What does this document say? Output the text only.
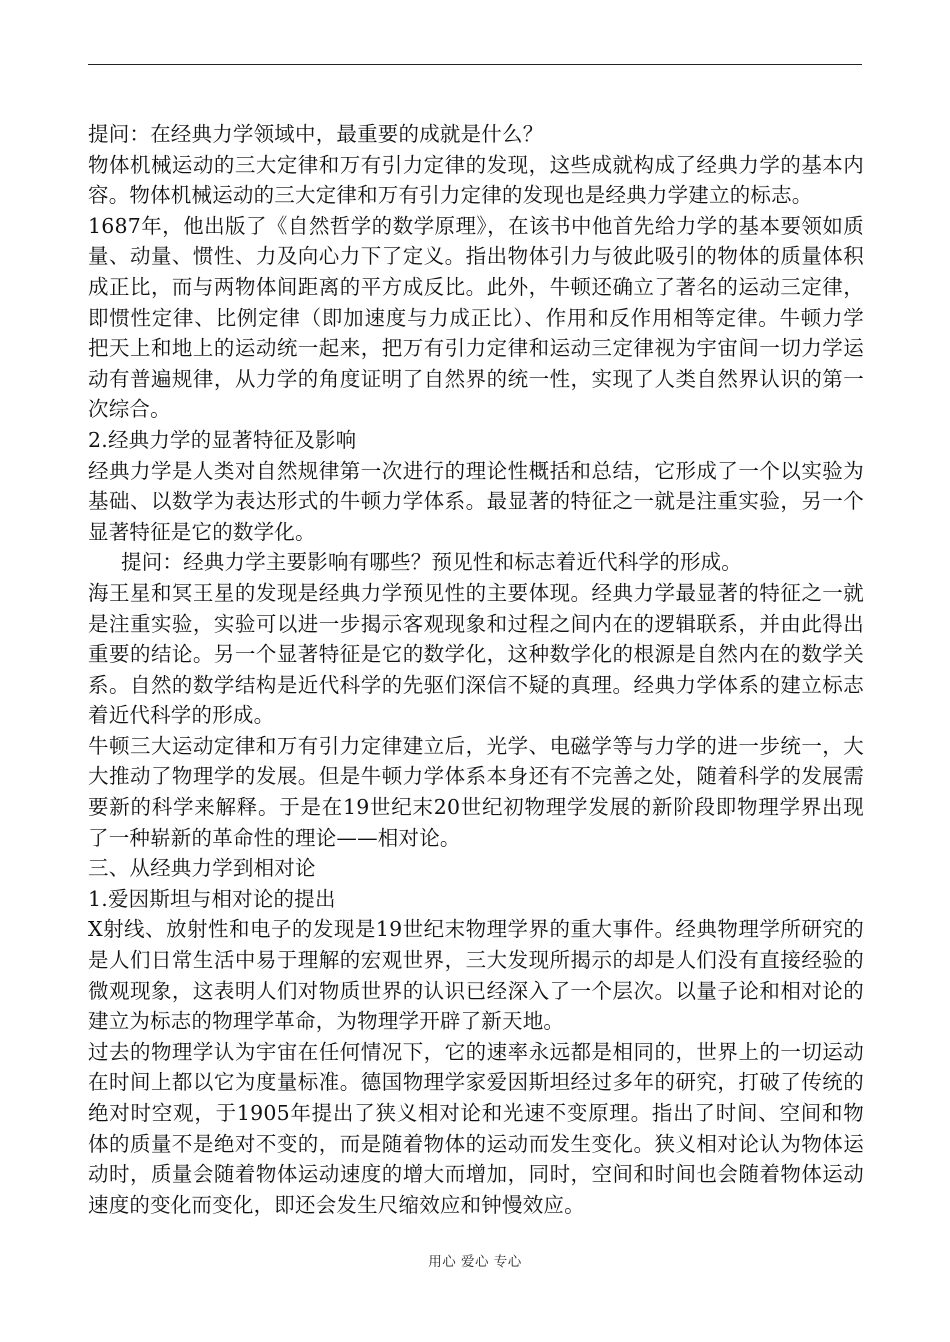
提问：在经典力学领域中，最重要的成就是什么？

物体机械运动的三大定律和万有引力定律的发现，这些成就构成了经典力学的基本内容。物体机械运动的三大定律和万有引力定律的发现也是经典力学建立的标志。

1687年，他出版了《自然哲学的数学原理》，在该书中他首先给力学的基本要领如质量、动量、惯性、力及向心力下了定义。指出物体引力与彼此吸引的物体的质量体积成正比，而与两物体间距离的平方成反比。此外，牛顿还确立了著名的运动三定律，即惯性定律、比例定律（即加速度与力成正比）、作用和反作用相等定律。牛顿力学把天上和地上的运动统一起来，把万有引力定律和运动三定律视为宇宙间一切力学运动有普遍规律，从力学的角度证明了自然界的统一性，实现了人类自然界认识的第一次综合。

2.经典力学的显著特征及影响

经典力学是人类对自然规律第一次进行的理论性概括和总结，它形成了一个以实验为基础、以数学为表达形式的牛顿力学体系。最显著的特征之一就是注重实验，另一个显著特征是它的数学化。

提问：经典力学主要影响有哪些？预见性和标志着近代科学的形成。

海王星和冥王星的发现是经典力学预见性的主要体现。经典力学最显著的特征之一就是注重实验，实验可以进一步揭示客观现象和过程之间内在的逻辑联系，并由此得出重要的结论。另一个显著特征是它的数学化，这种数学化的根源是自然内在的数学关系。自然的数学结构是近代科学的先驱们深信不疑的真理。经典力学体系的建立标志着近代科学的形成。

牛顿三大运动定律和万有引力定律建立后，光学、电磁学等与力学的进一步统一，大大推动了物理学的发展。但是牛顿力学体系本身还有不完善之处，随着科学的发展需要新的科学来解释。于是在19世纪末20世纪初物理学发展的新阶段即物理学界出现了一种崭新的革命性的理论——相对论。

三、从经典力学到相对论

1.爱因斯坦与相对论的提出

X射线、放射性和电子的发现是19世纪末物理学界的重大事件。经典物理学所研究的是人们日常生活中易于理解的宏观世界，三大发现所揭示的却是人们没有直接经验的微观现象，这表明人们对物质世界的认识已经深入了一个层次。以量子论和相对论的建立为标志的物理学革命，为物理学开辟了新天地。

过去的物理学认为宇宙在任何情况下，它的速率永远都是相同的，世界上的一切运动在时间上都以它为度量标准。德国物理学家爱因斯坦经过多年的研究，打破了传统的绝对时空观，于1905年提出了狭义相对论和光速不变原理。指出了时间、空间和物体的质量不是绝对不变的，而是随着物体的运动而发生变化。狭义相对论认为物体运动时，质量会随着物体运动速度的增大而增加，同时，空间和时间也会随着物体运动速度的变化而变化，即还会发生尺缩效应和钟慢效应。

用心 爱心 专心
